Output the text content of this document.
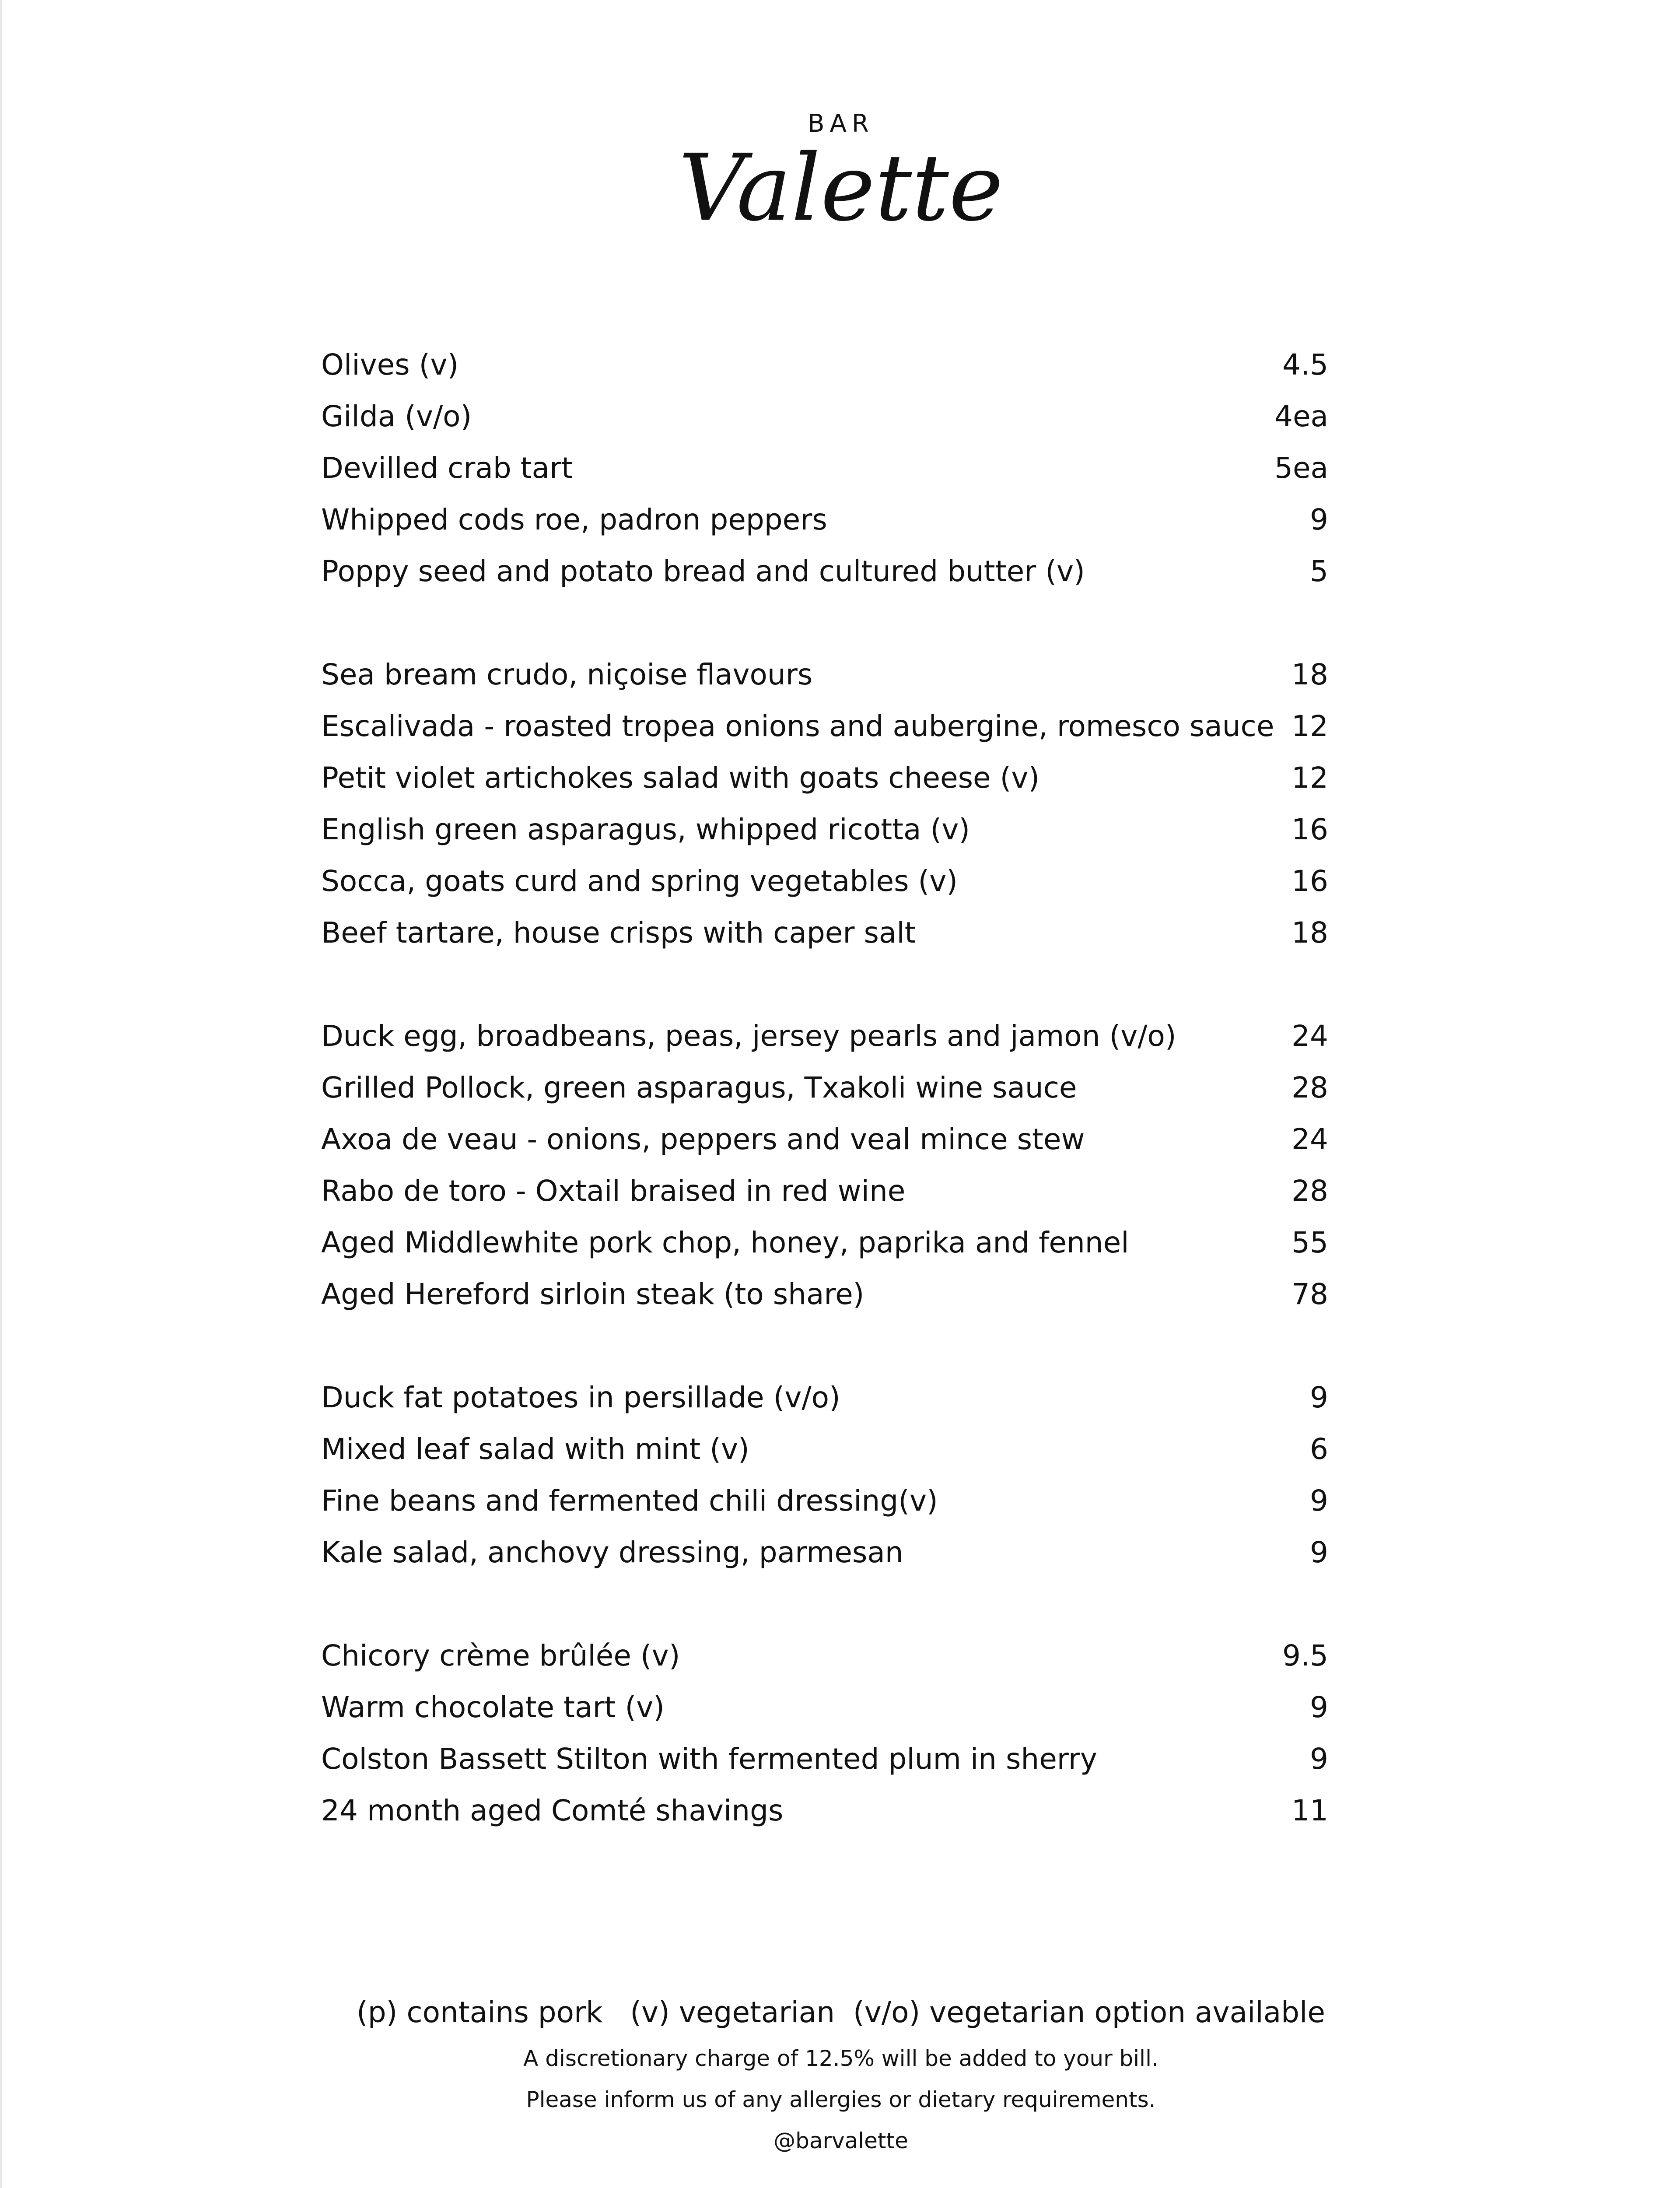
BAR
Valette
Olives (v)	4.5
Gilda (v/o)	4ea
Devilled crab tart	5ea
Whipped cods roe, padron peppers	9
Poppy seed and potato bread and cultured butter (v)	5
Sea bream crudo, niçoise flavours	18
Escalivada - roasted tropea onions and aubergine, romesco sauce 12
Petit violet artichokes salad with goats cheese (v)	12
English green asparagus, whipped ricotta (v)	16
Socca, goats curd and spring vegetables (v)	16
Beef tartare, house crisps with caper salt	18
Duck egg, broadbeans, peas, jersey pearls and jamon (v/o)	24
Grilled Pollock, green asparagus, Txakoli wine sauce	28
Axoa de veau - onions, peppers and veal mince stew	24
Rabo de toro - Oxtail braised in red wine	28
Aged Middlewhite pork chop, honey, paprika and fennel	55
Aged Hereford sirloin steak (to share)	78
Duck fat potatoes in persillade (v/o)	9
Mixed leaf salad with mint (v)	6
Fine beans and fermented chili dressing(v)	9
Kale salad, anchovy dressing, parmesan	9
Chicory crème brûlée (v)	9.5
Warm chocolate tart (v)	9
Colston Bassett Stilton with fermented plum in sherry	9
24 month aged Comté shavings	11
(p) contains pork   (v) vegetarian  (v/o) vegetarian option available
A discretionary charge of 12.5% will be added to your bill.
Please inform us of any allergies or dietary requirements.
@barvalette
